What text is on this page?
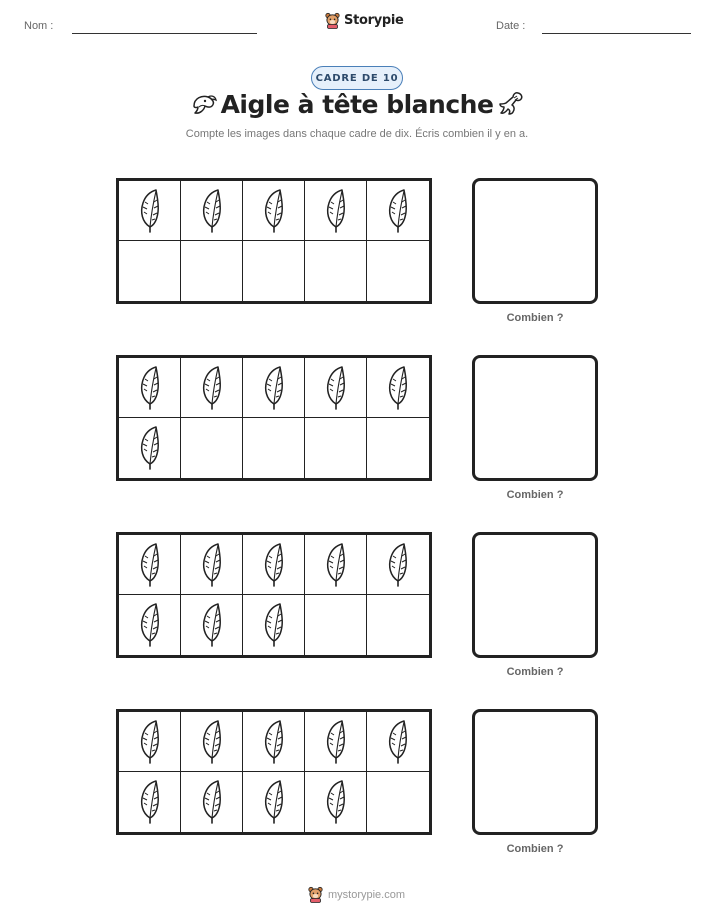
Nom :	Storypie	Date :
CADRE DE 10
Aigle à tête blanche
Compte les images dans chaque cadre de dix. Écris combien il y en a.
Combien ?
Combien ?
Combien ?
Combien ?
mystorypie.com
